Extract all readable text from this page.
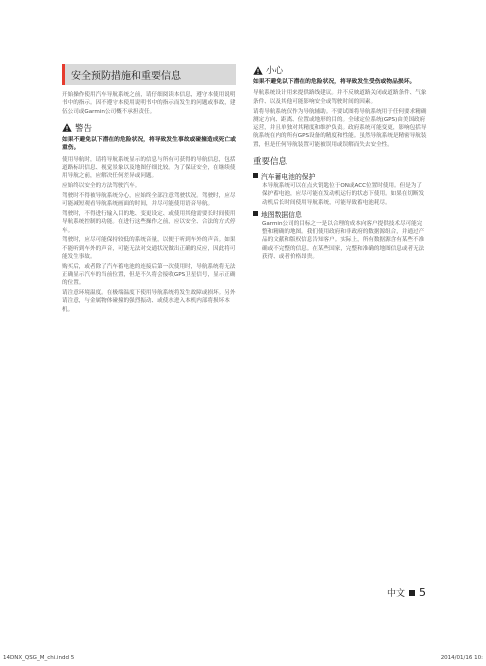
安全预防措施和重要信息

开始操作使用汽车导航系统之前，请仔细阅读本信息，遵守本使用说明书中的指示。因不遵守本使用说明书中的指示而发生的问题或事故，建伍公司或Garmin公司概不承担责任。

警告

如果不避免以下潜在的危险状况，将导致发生事故或碰撞造成死亡或重伤。

使用导航时，请将导航系统显示的信息与所有可获得的导航信息，包括道路标识信息、视觉景象以及地图仔细比较。为了保证安全，在继续使用导航之前，应解决任何差异或问题。

应始终以安全的方法驾驶汽车。

驾驶时不得被导航系统分心，应始终全部注意驾驶状况。驾驶时，应尽可能减短观看导航系统画面的时间，并尽可能使用语音导航。

驾驶时，不得进行输入目的地、变更设定、或使用其他需要长时间使用导航系统控制的功能。在进行这些操作之前，应以安全、合法的方式停车。

驾驶时，应尽可能保持较低的系统音量，以便于听到车外的声音。如果不能听到车外的声音，可能无法对交通状况做出正确的反应，因此将可能发生事故。

购买后，或者除了汽车蓄电池的连接后第一次使用时，导航系统将无法正确显示汽车的当前位置，但是不久将会接收GPS卫星信号，显示正确的位置。

请注意环境温度。在极端温度下使用导航系统将发生故障或损坏。另外请注意，与金属物体碰撞的强烈振动、或使水进入本机内部将损坏本机。

小心

如果不避免以下潜在的危险状况，将导致发生受伤或物品损坏。

导航系统设计用来提供路线建议。并不反映道路关闭或道路条件、气象条件、以及其他可能影响安全或驾驶时间的因素。

请将导航系统仅作为导航辅助。不要试图将导航系统用于任何要求精确测定方向、距离、位置或地形的目的。全球定位系统(GPS)由美国政府运营，并且单独对其精度和维护负责。政府系统可能变更，影响包括导航系统在内的所有GPS设备的精度和性能。虽然导航系统是精密导航装置，但是任何导航装置可能被误用或误解而失去安全性。

重要信息
汽车蓄电池的保护

本导航系统可以在点火钥匙位于ON或ACC位置时使用。但是为了保护蓄电池，应尽可能在发动机运行的状态下使用。如果在切断发动机后长时间使用导航系统，可能导致蓄电池耗尽。

地图数据信息

Garmin公司的目标之一是以合理的成本向客户提供技术尽可能完整和精确的地图。我们使用政府和非政府的数据源组合，并通过产品的文献和版权信息告知客户。实际上，所有数据源含有某些不准确或不完整的信息。在某些国家，完整和准确的地图信息或者无法获得、或者价格昂贵。

中文 5
14DNX_QSG_M_chi.indd 5	2014/01/16 10:
